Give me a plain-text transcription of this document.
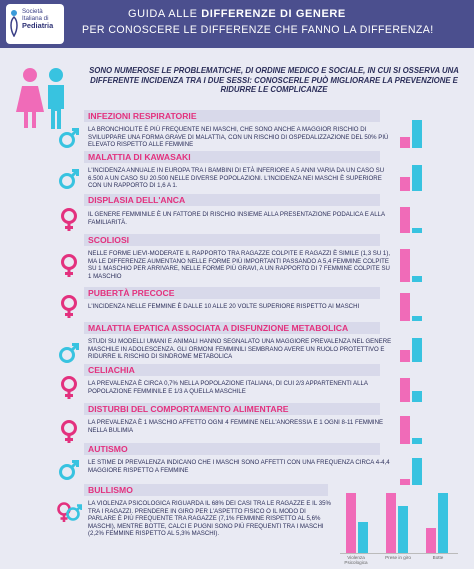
Società
Italiana di
Pediatria
GUIDA ALLE DIFFERENZE DI GENERE
PER CONOSCERE LE DIFFERENZE CHE FANNO LA DIFFERENZA!
SONO NUMEROSE LE PROBLEMATICHE, DI ORDINE MEDICO E SOCIALE, IN CUI SI OSSERVA UNA DIFFERENTE INCIDENZA TRA I DUE SESSI: CONOSCERLE PUÒ MIGLIORARE LA PREVENZIONE E RIDURRE LE COMPLICANZE
INFEZIONI RESPIRATORIE
LA BRONCHIOLITE È PIÙ FREQUENTE NEI MASCHI, CHE SONO ANCHE A MAGGIOR RISCHIO DI SVILUPPARE UNA FORMA GRAVE DI MALATTIA, CON UN RISCHIO DI OSPEDALIZZAZIONE DEL 50% PIÙ ELEVATO RISPETTO ALLE FEMMINE
MALATTIA DI KAWASAKI
L'INCIDENZA ANNUALE IN EUROPA TRA I BAMBINI DI ETÀ INFERIORE A 5 ANNI VARIA DA UN CASO SU 6.500 A UN CASO SU 20.500 NELLE DIVERSE POPOLAZIONI. L'INCIDENZA NEI MASCHI È SUPERIORE CON UN RAPPORTO DI 1,6 A 1.
DISPLASIA DELL'ANCA
IL GENERE FEMMINILE È UN FATTORE DI RISCHIO INSIEME ALLA PRESENTAZIONE PODALICA E ALLA FAMILIARITÀ.
SCOLIOSI
NELLE FORME LIEVI-MODERATE IL RAPPORTO TRA RAGAZZE COLPITE E RAGAZZI È SIMILE (1,3 SU 1), MA LE DIFFERENZE AUMENTANO NELLE FORME PIÙ IMPORTANTI PASSANDO A 5,4 FEMMINE COLPITE SU 1 MASCHIO PER ARRIVARE, NELLE FORME PIÙ GRAVI, A UN RAPPORTO DI 7 FEMMINE COLPITE SU 1 MASCHIO
PUBERTÀ PRECOCE
L'INCIDENZA NELLE FEMMINE È DALLE 10 ALLE 20 VOLTE SUPERIORE RISPETTO AI MASCHI
MALATTIA EPATICA ASSOCIATA A DISFUNZIONE METABOLICA
STUDI SU MODELLI UMANI E ANIMALI HANNO SEGNALATO UNA MAGGIORE PREVALENZA NEL GENERE MASCHILE IN ADOLESCENZA. GLI ORMONI FEMMINILI SEMBRANO AVERE UN RUOLO PROTETTIVO E RIDURRE IL RISCHIO DI SINDROME METABOLICA
CELIACHIA
LA PREVALENZA È CIRCA 0,7% NELLA POPOLAZIONE ITALIANA, DI CUI 2/3 APPARTENENTI ALLA POPOLAZIONE FEMMINILE E 1/3 A QUELLA MASCHILE
DISTURBI DEL COMPORTAMENTO ALIMENTARE
LA PREVALENZA È 1 MASCHIO AFFETTO OGNI 4 FEMMINE NELL'ANORESSIA E 1 OGNI 8-11 FEMMINE NELLA BULIMIA
AUTISMO
LE STIME DI PREVALENZA INDICANO CHE I MASCHI SONO AFFETTI CON UNA FREQUENZA CIRCA 4-4,4 MAGGIORE RISPETTO A FEMMINE
BULLISMO
LA VIOLENZA PSICOLOGICA RIGUARDA IL 68% DEI CASI TRA LE RAGAZZE E IL 35% TRA I RAGAZZI. PRENDERE IN GIRO PER L'ASPETTO FISICO O IL MODO DI PARLARE È PIÙ FREQUENTE TRA RAGAZZE (7,1% FEMMINE RISPETTO AL 5,6% MASCHI), MENTRE BOTTE, CALCI E PUGNI SONO PIÙ FREQUENTI TRA I MASCHI (2,2% FEMMINE RISPETTO AL 5,3% MASCHI).
Violenza Psicologica
Prese in giro	Botte
